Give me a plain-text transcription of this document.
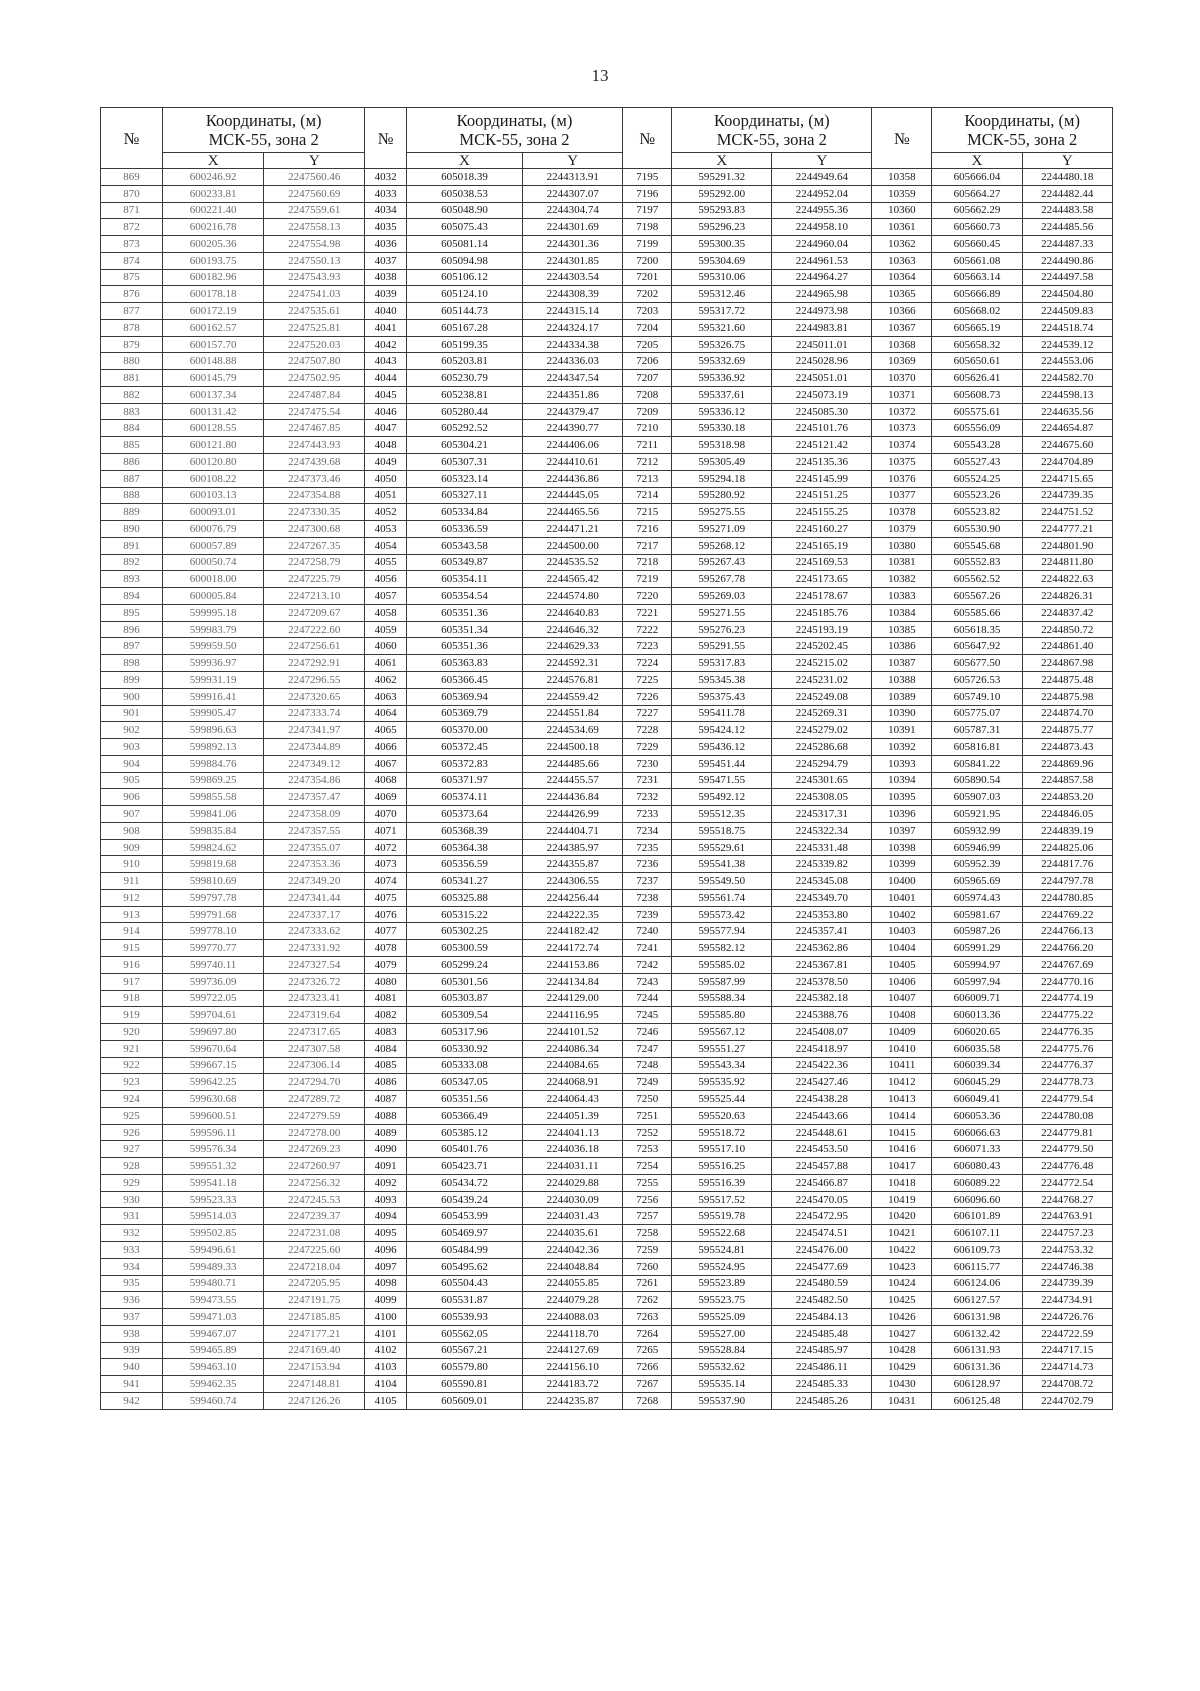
13
№	Координаты, (м)
МСК-55, зона 2		№	Координаты, (м)
МСК-55, зона 2		№	Координаты, (м)
МСК-55, зона 2		№	Координаты, (м)
МСК-55, зона 2	
	X	Y		X	Y		X	Y		X	Y
869	600246.92	2247560.46	4032	605018.39	2244313.91	7195	595291.32	2244949.64	10358	605666.04	2244480.18
870	600233.81	2247560.69	4033	605038.53	2244307.07	7196	595292.00	2244952.04	10359	605664.27	2244482.44
871	600221.40	2247559.61	4034	605048.90	2244304.74	7197	595293.83	2244955.36	10360	605662.29	2244483.58
872	600216.78	2247558.13	4035	605075.43	2244301.69	7198	595296.23	2244958.10	10361	605660.73	2244485.56
873	600205.36	2247554.98	4036	605081.14	2244301.36	7199	595300.35	2244960.04	10362	605660.45	2244487.33
874	600193.75	2247550.13	4037	605094.98	2244301.85	7200	595304.69	2244961.53	10363	605661.08	2244490.86
875	600182.96	2247543.93	4038	605106.12	2244303.54	7201	595310.06	2244964.27	10364	605663.14	2244497.58
876	600178.18	2247541.03	4039	605124.10	2244308.39	7202	595312.46	2244965.98	10365	605666.89	2244504.80
877	600172.19	2247535.61	4040	605144.73	2244315.14	7203	595317.72	2244973.98	10366	605668.02	2244509.83
878	600162.57	2247525.81	4041	605167.28	2244324.17	7204	595321.60	2244983.81	10367	605665.19	2244518.74
879	600157.70	2247520.03	4042	605199.35	2244334.38	7205	595326.75	2245011.01	10368	605658.32	2244539.12
880	600148.88	2247507.80	4043	605203.81	2244336.03	7206	595332.69	2245028.96	10369	605650.61	2244553.06
881	600145.79	2247502.95	4044	605230.79	2244347.54	7207	595336.92	2245051.01	10370	605626.41	2244582.70
882	600137.34	2247487.84	4045	605238.81	2244351.86	7208	595337.61	2245073.19	10371	605608.73	2244598.13
883	600131.42	2247475.54	4046	605280.44	2244379.47	7209	595336.12	2245085.30	10372	605575.61	2244635.56
884	600128.55	2247467.85	4047	605292.52	2244390.77	7210	595330.18	2245101.76	10373	605556.09	2244654.87
885	600121.80	2247443.93	4048	605304.21	2244406.06	7211	595318.98	2245121.42	10374	605543.28	2244675.60
886	600120.80	2247439.68	4049	605307.31	2244410.61	7212	595305.49	2245135.36	10375	605527.43	2244704.89
887	600108.22	2247373.46	4050	605323.14	2244436.86	7213	595294.18	2245145.99	10376	605524.25	2244715.65
888	600103.13	2247354.88	4051	605327.11	2244445.05	7214	595280.92	2245151.25	10377	605523.26	2244739.35
889	600093.01	2247330.35	4052	605334.84	2244465.56	7215	595275.55	2245155.25	10378	605523.82	2244751.52
890	600076.79	2247300.68	4053	605336.59	2244471.21	7216	595271.09	2245160.27	10379	605530.90	2244777.21
891	600057.89	2247267.35	4054	605343.58	2244500.00	7217	595268.12	2245165.19	10380	605545.68	2244801.90
892	600050.74	2247258.79	4055	605349.87	2244535.52	7218	595267.43	2245169.53	10381	605552.83	2244811.80
893	600018.00	2247225.79	4056	605354.11	2244565.42	7219	595267.78	2245173.65	10382	605562.52	2244822.63
894	600005.84	2247213.10	4057	605354.54	2244574.80	7220	595269.03	2245178.67	10383	605567.26	2244826.31
895	599995.18	2247209.67	4058	605351.36	2244640.83	7221	595271.55	2245185.76	10384	605585.66	2244837.42
896	599983.79	2247222.60	4059	605351.34	2244646.32	7222	595276.23	2245193.19	10385	605618.35	2244850.72
897	599959.50	2247256.61	4060	605351.36	2244629.33	7223	595291.55	2245202.45	10386	605647.92	2244861.40
898	599936.97	2247292.91	4061	605363.83	2244592.31	7224	595317.83	2245215.02	10387	605677.50	2244867.98
899	599931.19	2247296.55	4062	605366.45	2244576.81	7225	595345.38	2245231.02	10388	605726.53	2244875.48
900	599916.41	2247320.65	4063	605369.94	2244559.42	7226	595375.43	2245249.08	10389	605749.10	2244875.98
901	599905.47	2247333.74	4064	605369.79	2244551.84	7227	595411.78	2245269.31	10390	605775.07	2244874.70
902	599896.63	2247341.97	4065	605370.00	2244534.69	7228	595424.12	2245279.02	10391	605787.31	2244875.77
903	599892.13	2247344.89	4066	605372.45	2244500.18	7229	595436.12	2245286.68	10392	605816.81	2244873.43
904	599884.76	2247349.12	4067	605372.83	2244485.66	7230	595451.44	2245294.79	10393	605841.22	2244869.96
905	599869.25	2247354.86	4068	605371.97	2244455.57	7231	595471.55	2245301.65	10394	605890.54	2244857.58
906	599855.58	2247357.47	4069	605374.11	2244436.84	7232	595492.12	2245308.05	10395	605907.03	2244853.20
907	599841.06	2247358.09	4070	605373.64	2244426.99	7233	595512.35	2245317.31	10396	605921.95	2244846.05
908	599835.84	2247357.55	4071	605368.39	2244404.71	7234	595518.75	2245322.34	10397	605932.99	2244839.19
909	599824.62	2247355.07	4072	605364.38	2244385.97	7235	595529.61	2245331.48	10398	605946.99	2244825.06
910	599819.68	2247353.36	4073	605356.59	2244355.87	7236	595541.38	2245339.82	10399	605952.39	2244817.76
911	599810.69	2247349.20	4074	605341.27	2244306.55	7237	595549.50	2245345.08	10400	605965.69	2244797.78
912	599797.78	2247341.44	4075	605325.88	2244256.44	7238	595561.74	2245349.70	10401	605974.43	2244780.85
913	599791.68	2247337.17	4076	605315.22	2244222.35	7239	595573.42	2245353.80	10402	605981.67	2244769.22
914	599778.10	2247333.62	4077	605302.25	2244182.42	7240	595577.94	2245357.41	10403	605987.26	2244766.13
915	599770.77	2247331.92	4078	605300.59	2244172.74	7241	595582.12	2245362.86	10404	605991.29	2244766.20
916	599740.11	2247327.54	4079	605299.24	2244153.86	7242	595585.02	2245367.81	10405	605994.97	2244767.69
917	599736.09	2247326.72	4080	605301.56	2244134.84	7243	595587.99	2245378.50	10406	605997.94	2244770.16
918	599722.05	2247323.41	4081	605303.87	2244129.00	7244	595588.34	2245382.18	10407	606009.71	2244774.19
919	599704.61	2247319.64	4082	605309.54	2244116.95	7245	595585.80	2245388.76	10408	606013.36	2244775.22
920	599697.80	2247317.65	4083	605317.96	2244101.52	7246	595567.12	2245408.07	10409	606020.65	2244776.35
921	599670.64	2247307.58	4084	605330.92	2244086.34	7247	595551.27	2245418.97	10410	606035.58	2244775.76
922	599667.15	2247306.14	4085	605333.08	2244084.65	7248	595543.34	2245422.36	10411	606039.34	2244776.37
923	599642.25	2247294.70	4086	605347.05	2244068.91	7249	595535.92	2245427.46	10412	606045.29	2244778.73
924	599630.68	2247289.72	4087	605351.56	2244064.43	7250	595525.44	2245438.28	10413	606049.41	2244779.54
925	599600.51	2247279.59	4088	605366.49	2244051.39	7251	595520.63	2245443.66	10414	606053.36	2244780.08
926	599596.11	2247278.00	4089	605385.12	2244041.13	7252	595518.72	2245448.61	10415	606066.63	2244779.81
927	599576.34	2247269.23	4090	605401.76	2244036.18	7253	595517.10	2245453.50	10416	606071.33	2244779.50
928	599551.32	2247260.97	4091	605423.71	2244031.11	7254	595516.25	2245457.88	10417	606080.43	2244776.48
929	599541.18	2247256.32	4092	605434.72	2244029.88	7255	595516.39	2245466.87	10418	606089.22	2244772.54
930	599523.33	2247245.53	4093	605439.24	2244030.09	7256	595517.52	2245470.05	10419	606096.60	2244768.27
931	599514.03	2247239.37	4094	605453.99	2244031.43	7257	595519.78	2245472.95	10420	606101.89	2244763.91
932	599502.85	2247231.08	4095	605469.97	2244035.61	7258	595522.68	2245474.51	10421	606107.11	2244757.23
933	599496.61	2247225.60	4096	605484.99	2244042.36	7259	595524.81	2245476.00	10422	606109.73	2244753.32
934	599489.33	2247218.04	4097	605495.62	2244048.84	7260	595524.95	2245477.69	10423	606115.77	2244746.38
935	599480.71	2247205.95	4098	605504.43	2244055.85	7261	595523.89	2245480.59	10424	606124.06	2244739.39
936	599473.55	2247191.75	4099	605531.87	2244079.28	7262	595523.75	2245482.50	10425	606127.57	2244734.91
937	599471.03	2247185.85	4100	605539.93	2244088.03	7263	595525.09	2245484.13	10426	606131.98	2244726.76
938	599467.07	2247177.21	4101	605562.05	2244118.70	7264	595527.00	2245485.48	10427	606132.42	2244722.59
939	599465.89	2247169.40	4102	605567.21	2244127.69	7265	595528.84	2245485.97	10428	606131.93	2244717.15
940	599463.10	2247153.94	4103	605579.80	2244156.10	7266	595532.62	2245486.11	10429	606131.36	2244714.73
941	599462.35	2247148.81	4104	605590.81	2244183.72	7267	595535.14	2245485.33	10430	606128.97	2244708.72
942	599460.74	2247126.26	4105	605609.01	2244235.87	7268	595537.90	2245485.26	10431	606125.48	2244702.79
